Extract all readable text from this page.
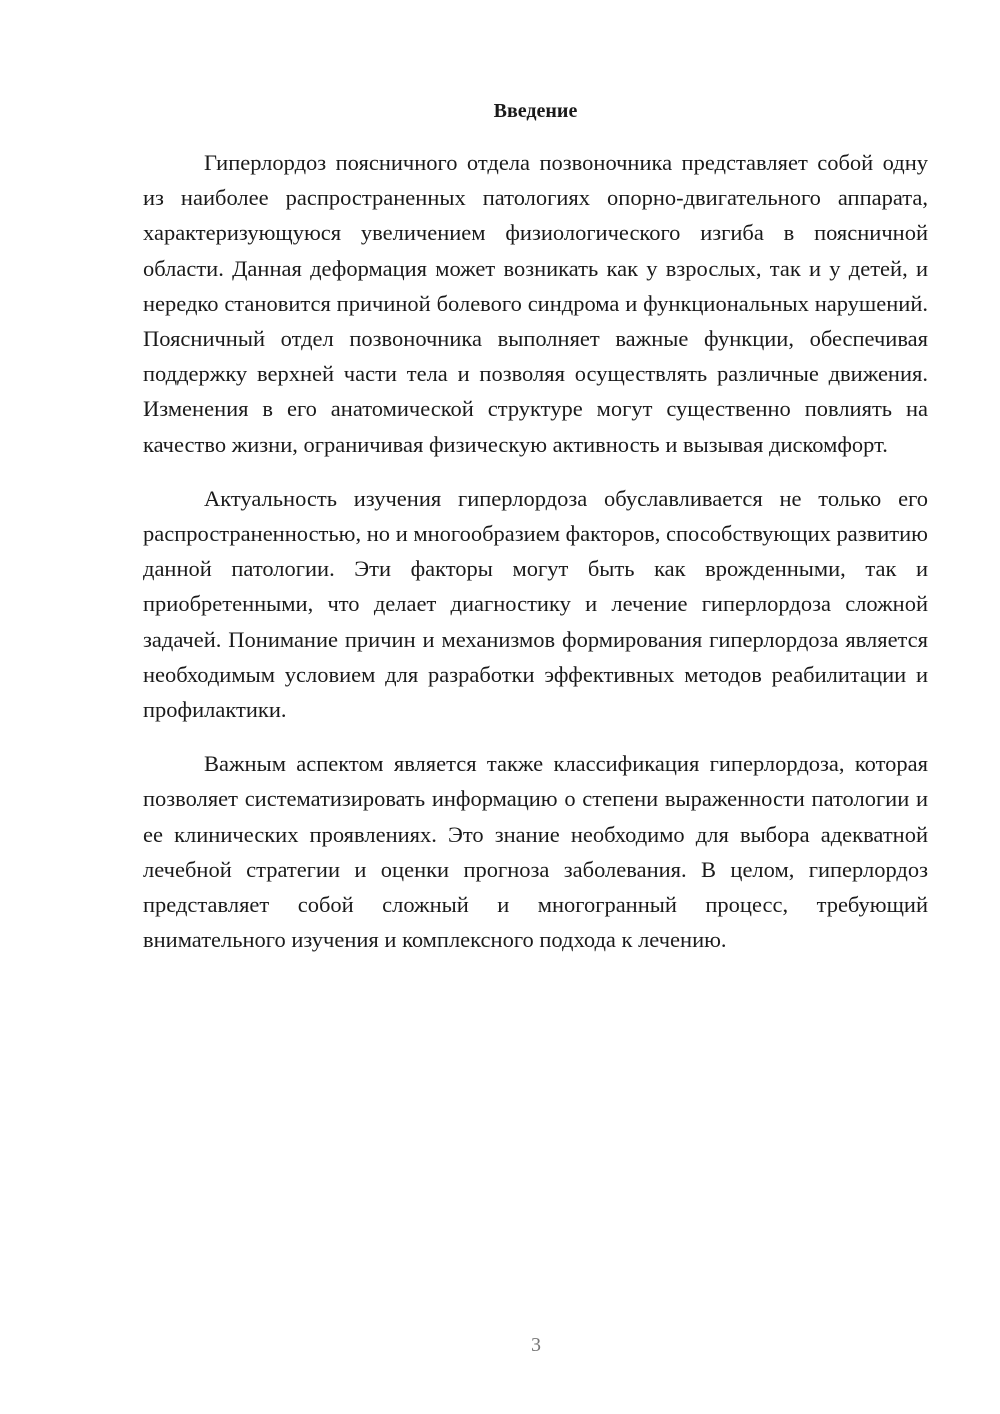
Введение

Гиперлордоз поясничного отдела позвоночника представляет собой одну из наиболее распространенных патологиях опорно-двигательного аппарата, характеризующуюся увеличением физиологического изгиба в поясничной области. Данная деформация может возникать как у взрослых, так и у детей, и нередко становится причиной болевого синдрома и функциональных нарушений. Поясничный отдел позвоночника выполняет важные функции, обеспечивая поддержку верхней части тела и позволяя осуществлять различные движения. Изменения в его анатомической структуре могут существенно повлиять на качество жизни, ограничивая физическую активность и вызывая дискомфорт.

Актуальность изучения гиперлордоза обуславливается не только его распространенностью, но и многообразием факторов, способствующих развитию данной патологии. Эти факторы могут быть как врожденными, так и приобретенными, что делает диагностику и лечение гиперлордоза сложной задачей. Понимание причин и механизмов формирования гиперлордоза является необходимым условием для разработки эффективных методов реабилитации и профилактики.

Важным аспектом является также классификация гиперлордоза, которая позволяет систематизировать информацию о степени выраженности патологии и ее клинических проявлениях. Это знание необходимо для выбора адекватной лечебной стратегии и оценки прогноза заболевания. В целом, гиперлордоз представляет собой сложный и многогранный процесс, требующий внимательного изучения и комплексного подхода к лечению.

3
